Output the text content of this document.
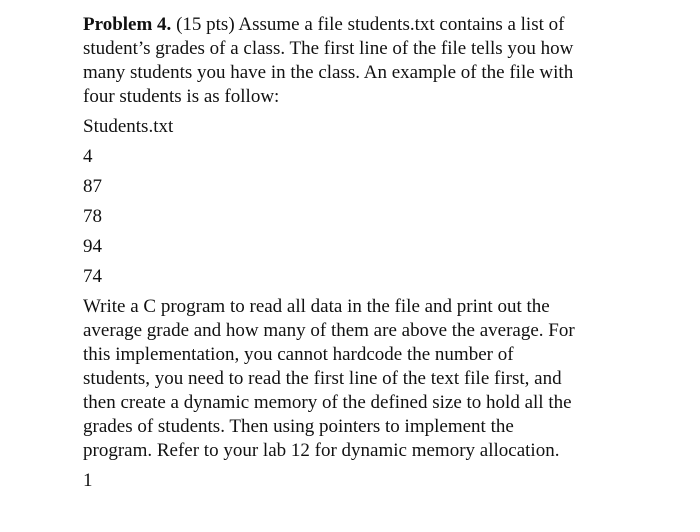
Problem 4. (15 pts) Assume a file students.txt contains a list of
student’s grades of a class. The first line of the file tells you how
many students you have in the class. An example of the file with
four students is as follow:
Students.txt
4
87
78
94
74
Write a C program to read all data in the file and print out the
average grade and how many of them are above the average. For
this implementation, you cannot hardcode the number of
students, you need to read the first line of the text file first, and
then create a dynamic memory of the defined size to hold all the
grades of students. Then using pointers to implement the
program. Refer to your lab 12 for dynamic memory allocation.
1
